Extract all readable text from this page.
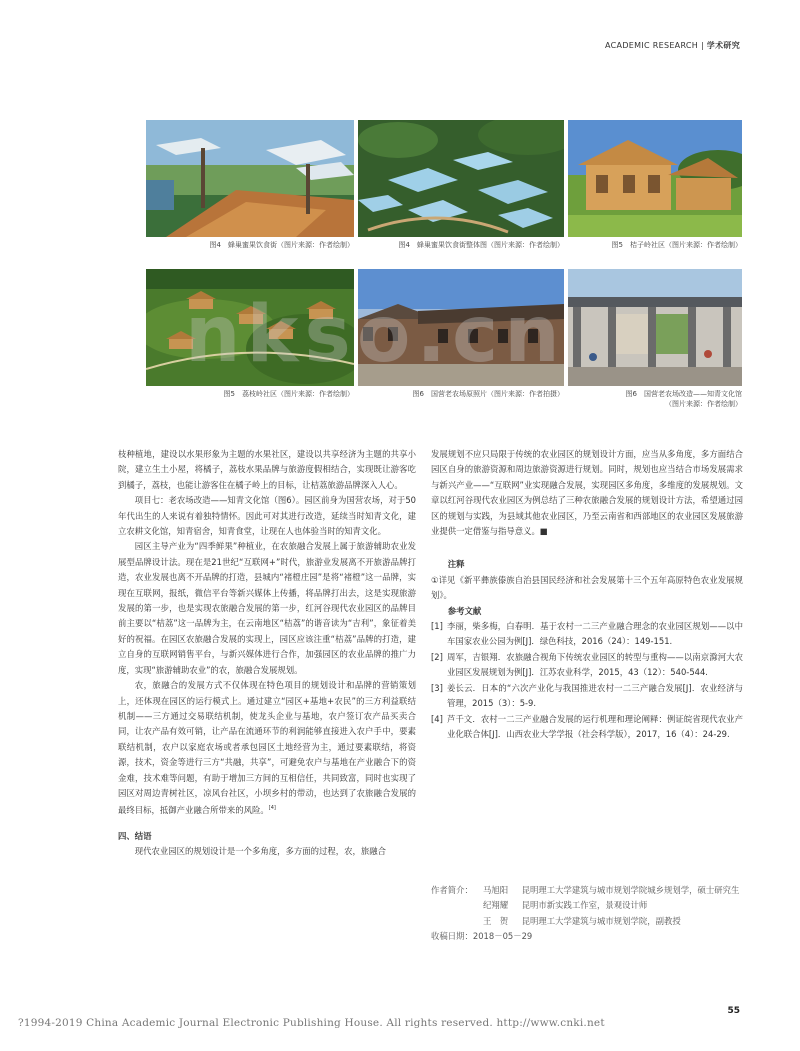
ACADEMIC RESEARCH | 学术研究
图4　蜂巢蜜果饮食街（图片来源：作者绘制）	图4　蜂巢蜜果饮食街整体图（图片来源：作者绘制）	图5　桔子岭社区（图片来源：作者绘制）
图5　荔枝岭社区（图片来源：作者绘制）	图6　国营老农场原照片（图片来源：作者拍摄）	图6　国营老农场改造——知青文化馆
（图片来源：作者绘制）
nkso.cn

枝种植地，建设以水果形象为主题的水果社区，建设以共享经济为主题的共享小院，建立生土小屋，将橘子，荔枝水果品牌与旅游度假相结合，实现既让游客吃到橘子，荔枝，也能让游客住在橘子岭上的目标，让桔荔旅游品牌深入人心。

项目七：老农场改造——知青文化馆（图6）。园区前身为国营农场，对于50年代出生的人来说有着独特情怀。因此可对其进行改造，延续当时知青文化，建立农耕文化馆，知青宿舍，知青食堂，让现在人也体验当时的知青文化。

园区主导产业为“四季鲜果”种植业，在农旅融合发展上属于旅游辅助农业发展型品牌设计法。现在是21世纪“互联网+”时代，旅游业发展离不开旅游品牌打造，农业发展也离不开品牌的打造，县城内“褚橙庄园”是将“褚橙”这一品牌，实现在互联网，报纸，微信平台等新兴媒体上传播，将品牌打出去，这是实现旅游发展的第一步，也是实现农旅融合发展的第一步，红河谷现代农业园区的品牌目前主要以“桔荔”这一品牌为主，在云南地区“桔荔”的谐音读为“吉利”，象征着美好的祝福。在园区农旅融合发展的实现上，园区应该注重“桔荔”品牌的打造，建立自身的互联网销售平台，与新兴媒体进行合作，加强园区的农业品牌的推广力度，实现“旅游辅助农业”的农，旅融合发展规划。

农，旅融合的发展方式不仅体现在特色项目的规划设计和品牌的营销策划上，还体现在园区的运行模式上。通过建立“园区+基地+农民”的三方利益联结机制——三方通过交易联结机制，使龙头企业与基地，农户签订农产品买卖合同，让农产品有效可销，让产品在流通环节的利润能够直接进入农户手中，要素联结机制，农户以家庭农场或者承包园区土地经营为主，通过要素联结，将资源，技术，资金等进行三方“共融，共享”，可避免农户与基地在产业融合下的资金难，技术难等问题，有助于增加三方间的互相信任，共同致富，同时也实现了园区对周边青树社区，凉风台社区，小坝乡村的带动，也达到了农旅融合发展的最终目标，抵御产业融合所带来的风险。[4]

四、结语

现代农业园区的规划设计是一个多角度，多方面的过程，农，旅融合

发展规划不应只局限于传统的农业园区的规划设计方面，应当从多角度，多方面结合园区自身的旅游资源和周边旅游资源进行规划。同时，规划也应当结合市场发展需求与新兴产业——“互联网”业实现融合发展，实现园区多角度，多维度的发展规划。文章以红河谷现代农业园区为例总结了三种农旅融合发展的规划设计方法，希望通过园区的规划与实践，为县域其他农业园区，乃至云南省和西部地区的农业园区发展旅游业提供一定借鉴与指导意义。■

注释

①详见《新平彝族傣族自治县国民经济和社会发展第十三个五年高原特色农业发展规划》。

参考文献

[1] 李丽，柴多梅，白春明．基于农村一二三产业融合理念的农业园区规划——以中车国家农业公园为例[J]．绿色科技，2016（24）：149-151.
[2] 周军，吉银翔．农旅融合视角下传统农业园区的转型与重构——以南京滁河大农业园区发展规划为例[J]．江苏农业科学，2015，43（12）：540-544.
[3] 姜长云．日本的“六次产业化与我国推进农村一二三产融合发展[J]．农业经济与管理，2015（3）：5-9.
[4] 芦千文．农村一二三产业融合发展的运行机理和理论阐释：例证皖省现代农业产业化联合体[J]．山西农业大学学报（社会科学版），2017，16（4）：24-29.
作者简介： 马旭阳 昆明理工大学建筑与城市规划学院城乡规划学，硕士研究生
纪翔耀 昆明市新实践工作室，景观设计师
王　贺 昆明理工大学建筑与城市规划学院，副教授
收稿日期：2018－05－29
55
?1994-2019 China Academic Journal Electronic Publishing House. All rights reserved. http://www.cnki.net
